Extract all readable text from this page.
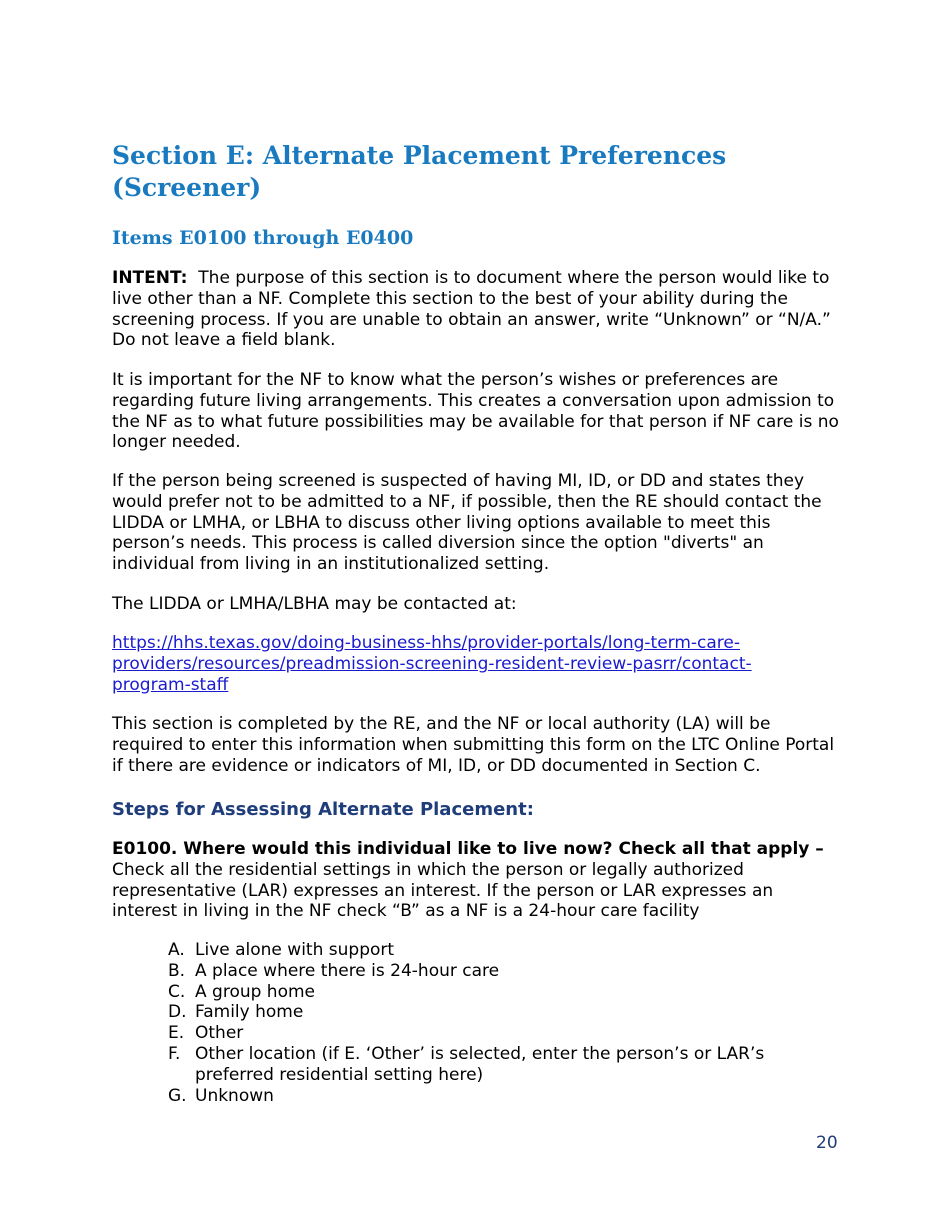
Section E: Alternate Placement Preferences (Screener)
Items E0100 through E0400

INTENT: The purpose of this section is to document where the person would like to live other than a NF. Complete this section to the best of your ability during the screening process. If you are unable to obtain an answer, write “Unknown” or “N/A.” Do not leave a field blank.

It is important for the NF to know what the person’s wishes or preferences are regarding future living arrangements. This creates a conversation upon admission to the NF as to what future possibilities may be available for that person if NF care is no longer needed.

If the person being screened is suspected of having MI, ID, or DD and states they would prefer not to be admitted to a NF, if possible, then the RE should contact the LIDDA or LMHA, or LBHA to discuss other living options available to meet this person’s needs. This process is called diversion since the option "diverts" an individual from living in an institutionalized setting.

The LIDDA or LMHA/LBHA may be contacted at:

https://hhs.texas.gov/doing-business-hhs/provider-portals/long-term-care-
providers/resources/preadmission-screening-resident-review-pasrr/contact-
program-staff

This section is completed by the RE, and the NF or local authority (LA) will be required to enter this information when submitting this form on the LTC Online Portal if there are evidence or indicators of MI, ID, or DD documented in Section C.

Steps for Assessing Alternate Placement:

E0100. Where would this individual like to live now? Check all that apply – Check all the residential settings in which the person or legally authorized representative (LAR) expresses an interest. If the person or LAR expresses an interest in living in the NF check “B” as a NF is a 24-hour care facility

A. Live alone with support
B. A place where there is 24-hour care
C. A group home
D. Family home
E. Other
F. Other location (if E. ‘Other’ is selected, enter the person’s or LAR’s preferred residential setting here)
G. Unknown
20
